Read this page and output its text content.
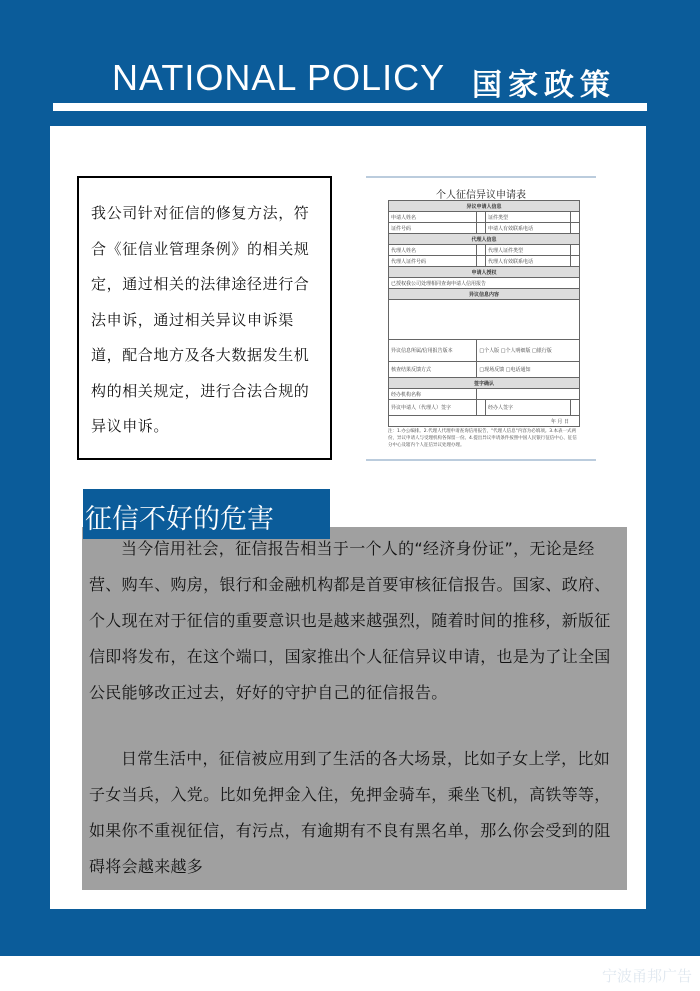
NATIONAL POLICY 国家政策
我公司针对征信的修复方法，符合《征信业管理条例》的相关规定，通过相关的法律途径进行合法申诉，通过相关异议申诉渠道，配合地方及各大数据发生机构的相关规定，进行合法合规的异议申诉。
个人征信异议申请表
异议申请人信息			
申请人姓名		证件类型	
证件号码		申请人有效联系电话	
代理人信息			
代理人姓名		代理人证件类型	
代理人证件号码		代理人有效联系电话	
申请人授权			
已授权我公司处理相同查询申请人信用报告			
异议信息内容			

异议信息所属/信用报告版本	□个人版 □个人明细版 □银行版		
核查结果反馈方式	□现场反馈 □电话通知		
签字确认			
经办机构名称			
异议申请人（代理人）签字		经办人签字	
年 月 日			
注：1.办公编排。2.代理人代理申请查询信用报告，"代理人信息"内容为必填项。3.本表一式两份，异议申请人与受理机构各保留一份。4.提出异议申请条件按照中国人民银行征信中心、征信分中心及辖内个人征信异议处理办理。
征信不好的危害
当今信用社会，征信报告相当于一个人的“经济身份证”，无论是经营、购车、购房，银行和金融机构都是首要审核征信报告。国家、政府、个人现在对于征信的重要意识也是越来越强烈，随着时间的推移，新版征信即将发布，在这个端口，国家推出个人征信异议申请，也是为了让全国公民能够改正过去，好好的守护自己的征信报告。
日常生活中，征信被应用到了生活的各大场景，比如子女上学，比如子女当兵，入党。比如免押金入住，免押金骑车，乘坐飞机，高铁等等，如果你不重视征信，有污点，有逾期有不良有黑名单，那么你会受到的阻碍将会越来越多
宁波甬邦广告
